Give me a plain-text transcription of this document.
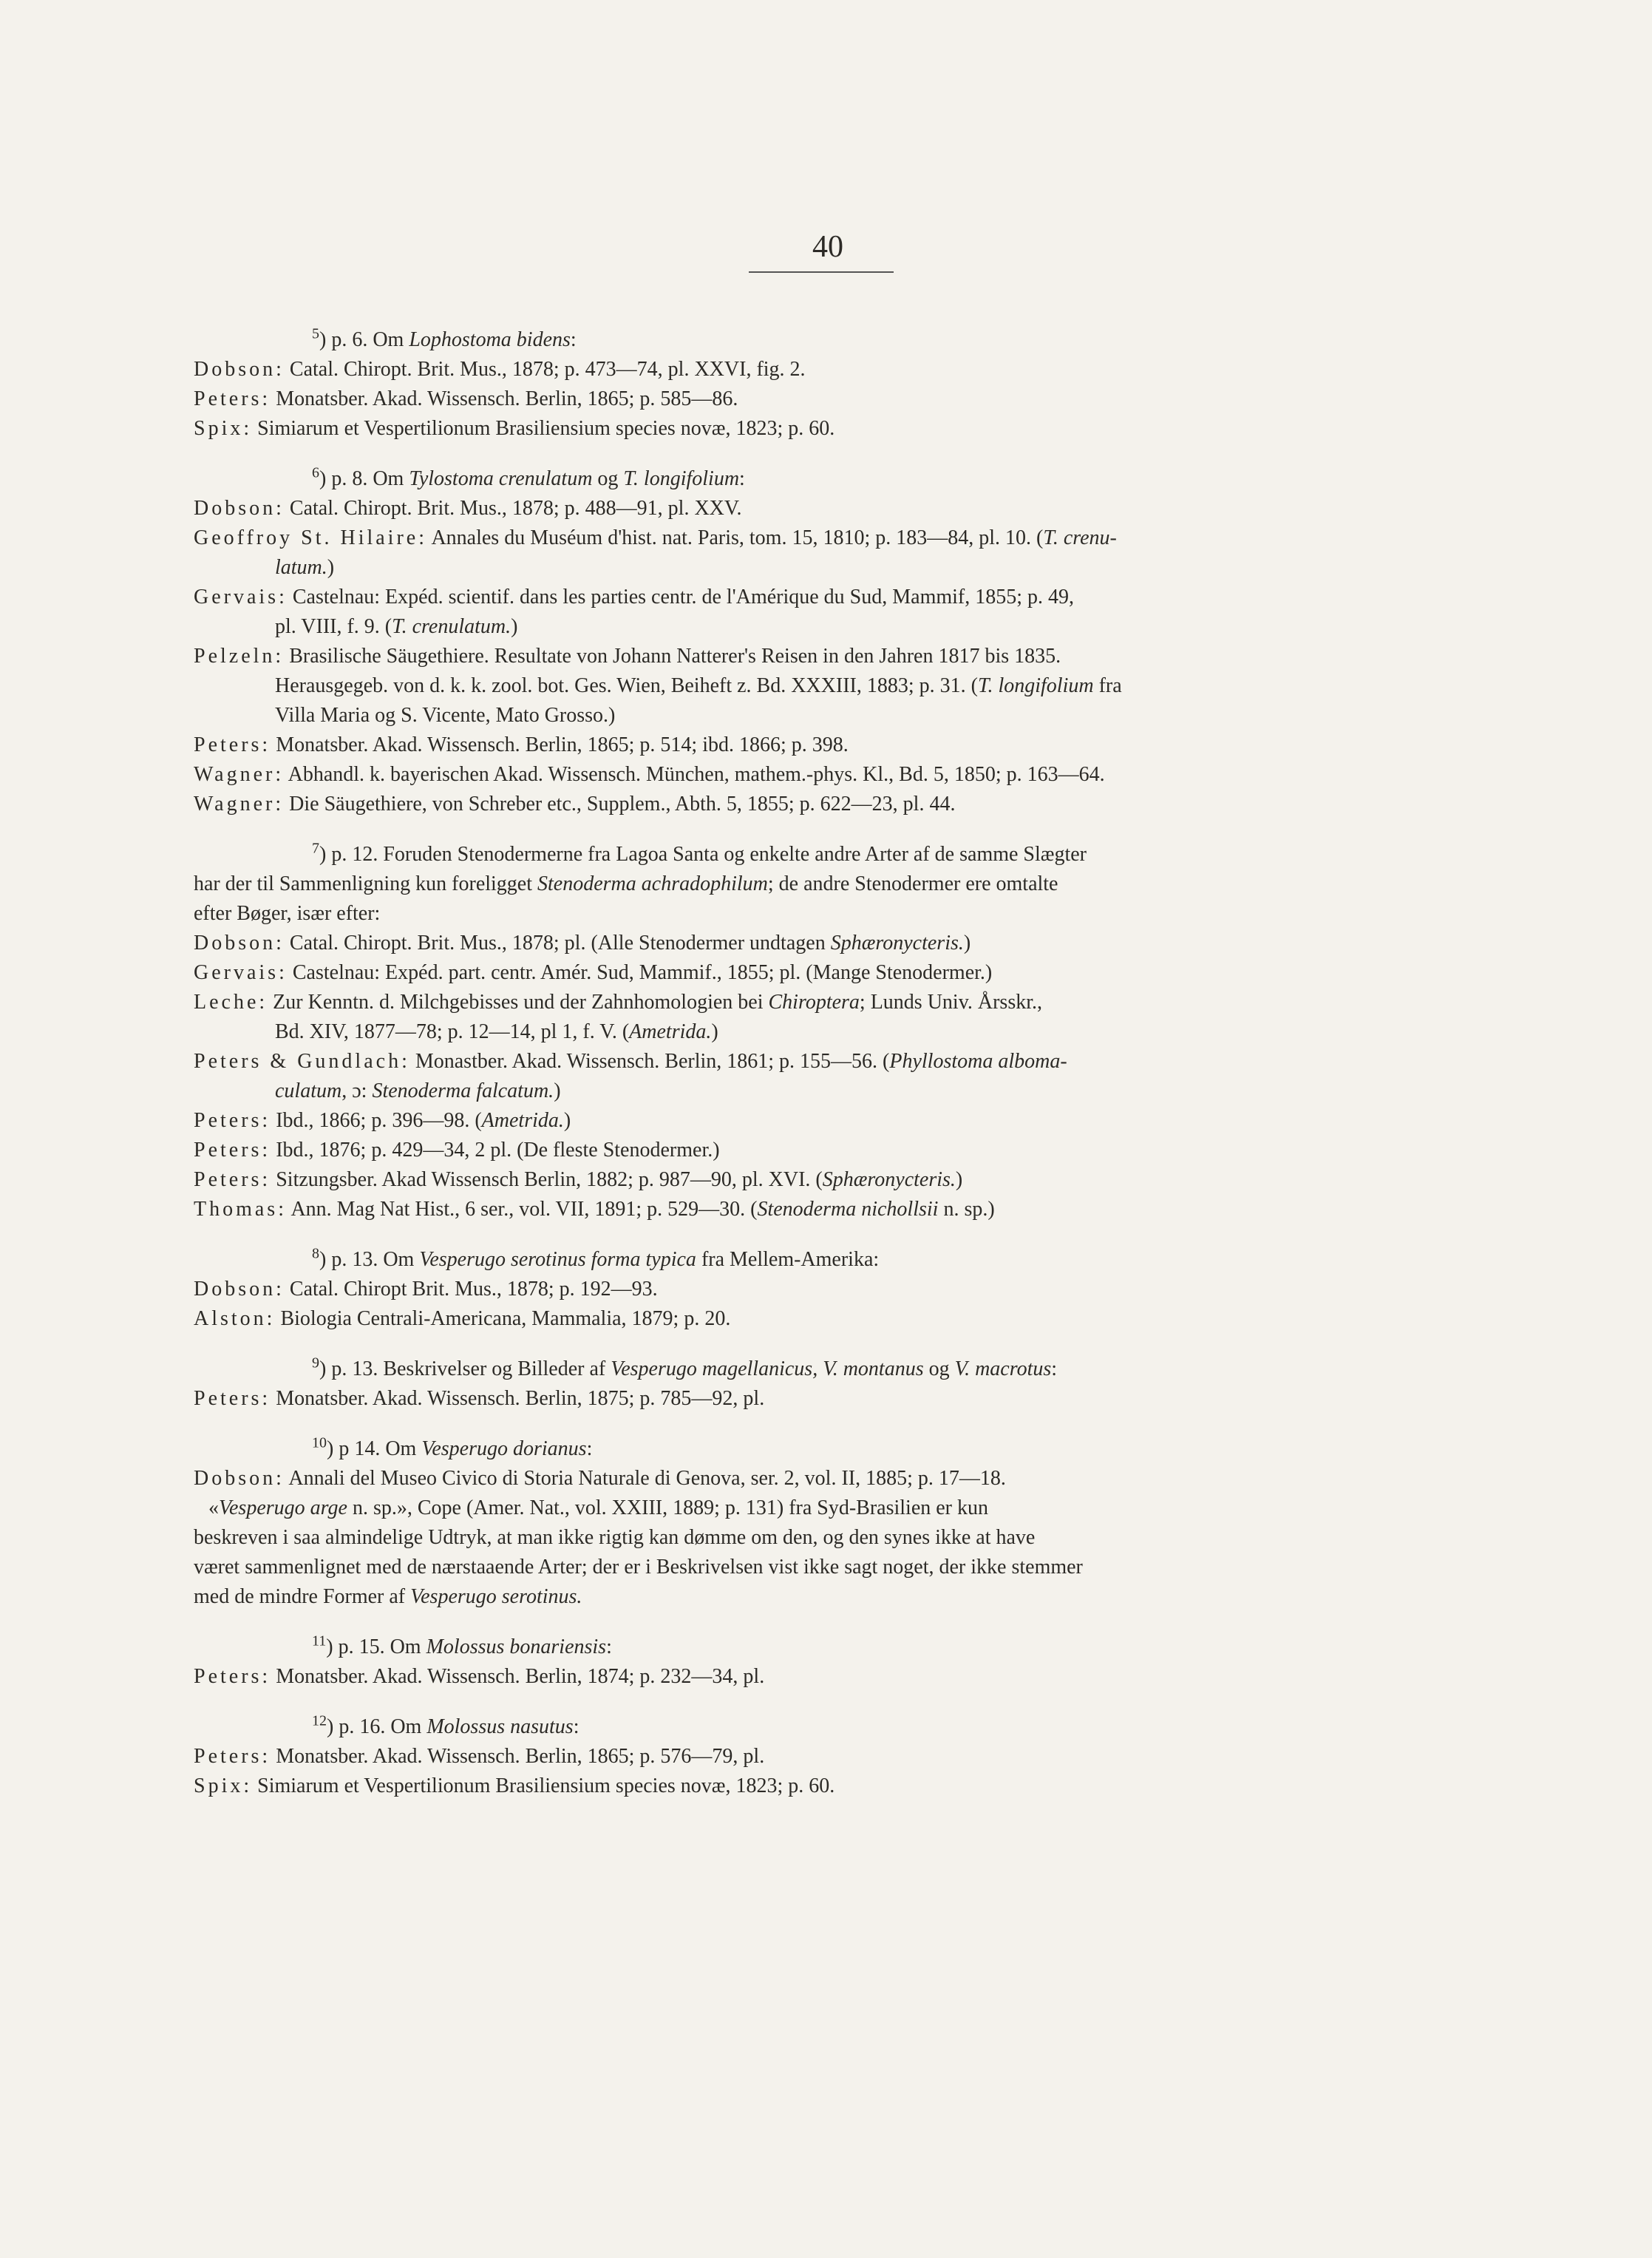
40
$^5$) p. 6. Om Lophostoma bidens:
Dobson: Catal. Chiropt. Brit. Mus., 1878; p. 473—74, pl. XXVI, fig. 2.
Peters: Monatsber. Akad. Wissensch. Berlin, 1865; p. 585—86.
Spix: Simiarum et Vespertilionum Brasiliensium species novæ, 1823; p. 60.
$^6$) p. 8. Om Tylostoma crenulatum og T. longifolium:
Dobson: Catal. Chiropt. Brit. Mus., 1878; p. 488—91, pl. XXV.
Geoffroy St. Hilaire: Annales du Muséum d'hist. nat. Paris, tom. 15, 1810; p. 183—84, pl. 10. (T. crenu-
latum.)
Gervais: Castelnau: Expéd. scientif. dans les parties centr. de l'Amérique du Sud, Mammif, 1855; p. 49,
pl. VIII, f. 9. (T. crenulatum.)
Pelzeln: Brasilische Säugethiere. Resultate von Johann Natterer's Reisen in den Jahren 1817 bis 1835.
Herausgegeb. von d. k. k. zool. bot. Ges. Wien, Beiheft z. Bd. XXXIII, 1883; p. 31. (T. longifolium fra
Villa Maria og S. Vicente, Mato Grosso.)
Peters: Monatsber. Akad. Wissensch. Berlin, 1865; p. 514; ibd. 1866; p. 398.
Wagner: Abhandl. k. bayerischen Akad. Wissensch. München, mathem.-phys. Kl., Bd. 5, 1850; p. 163—64.
Wagner: Die Säugethiere, von Schreber etc., Supplem., Abth. 5, 1855; p. 622—23, pl. 44.
$^7$) p. 12. Foruden Stenodermerne fra Lagoa Santa og enkelte andre Arter af de samme Slægter
har der til Sammenligning kun foreligget Stenoderma achradophilum; de andre Stenodermer ere omtalte
efter Bøger, især efter:
Dobson: Catal. Chiropt. Brit. Mus., 1878; pl. (Alle Stenodermer undtagen Sphæronycteris.)
Gervais: Castelnau: Expéd. part. centr. Amér. Sud, Mammif., 1855; pl. (Mange Stenodermer.)
Leche: Zur Kenntn. d. Milchgebisses und der Zahnhomologien bei Chiroptera; Lunds Univ. Årsskr.,
Bd. XIV, 1877—78; p. 12—14, pl 1, f. V. (Ametrida.)
Peters & Gundlach: Monastber. Akad. Wissensch. Berlin, 1861; p. 155—56. (Phyllostoma alboma-
culatum, ɔ: Stenoderma falcatum.)
Peters: Ibd., 1866; p. 396—98. (Ametrida.)
Peters: Ibd., 1876; p. 429—34, 2 pl. (De fleste Stenodermer.)
Peters: Sitzungsber. Akad Wissensch Berlin, 1882; p. 987—90, pl. XVI. (Sphæronycteris.)
Thomas: Ann. Mag Nat Hist., 6 ser., vol. VII, 1891; p. 529—30. (Stenoderma nichollsii n. sp.)
$^8$) p. 13. Om Vesperugo serotinus forma typica fra Mellem-Amerika:
Dobson: Catal. Chiropt Brit. Mus., 1878; p. 192—93.
Alston: Biologia Centrali-Americana, Mammalia, 1879; p. 20.
$^9$) p. 13. Beskrivelser og Billeder af Vesperugo magellanicus, V. montanus og V. macrotus:
Peters: Monatsber. Akad. Wissensch. Berlin, 1875; p. 785—92, pl.
$^{10}$) p 14. Om Vesperugo dorianus:
Dobson: Annali del Museo Civico di Storia Naturale di Genova, ser. 2, vol. II, 1885; p. 17—18.
«Vesperugo arge n. sp.», Cope (Amer. Nat., vol. XXIII, 1889; p. 131) fra Syd-Brasilien er kun
beskreven i saa almindelige Udtryk, at man ikke rigtig kan dømme om den, og den synes ikke at have
været sammenlignet med de nærstaaende Arter; der er i Beskrivelsen vist ikke sagt noget, der ikke stemmer
med de mindre Former af Vesperugo serotinus.
$^{11}$) p. 15. Om Molossus bonariensis:
Peters: Monatsber. Akad. Wissensch. Berlin, 1874; p. 232—34, pl.
$^{12}$) p. 16. Om Molossus nasutus:
Peters: Monatsber. Akad. Wissensch. Berlin, 1865; p. 576—79, pl.
Spix: Simiarum et Vespertilionum Brasiliensium species novæ, 1823; p. 60.
